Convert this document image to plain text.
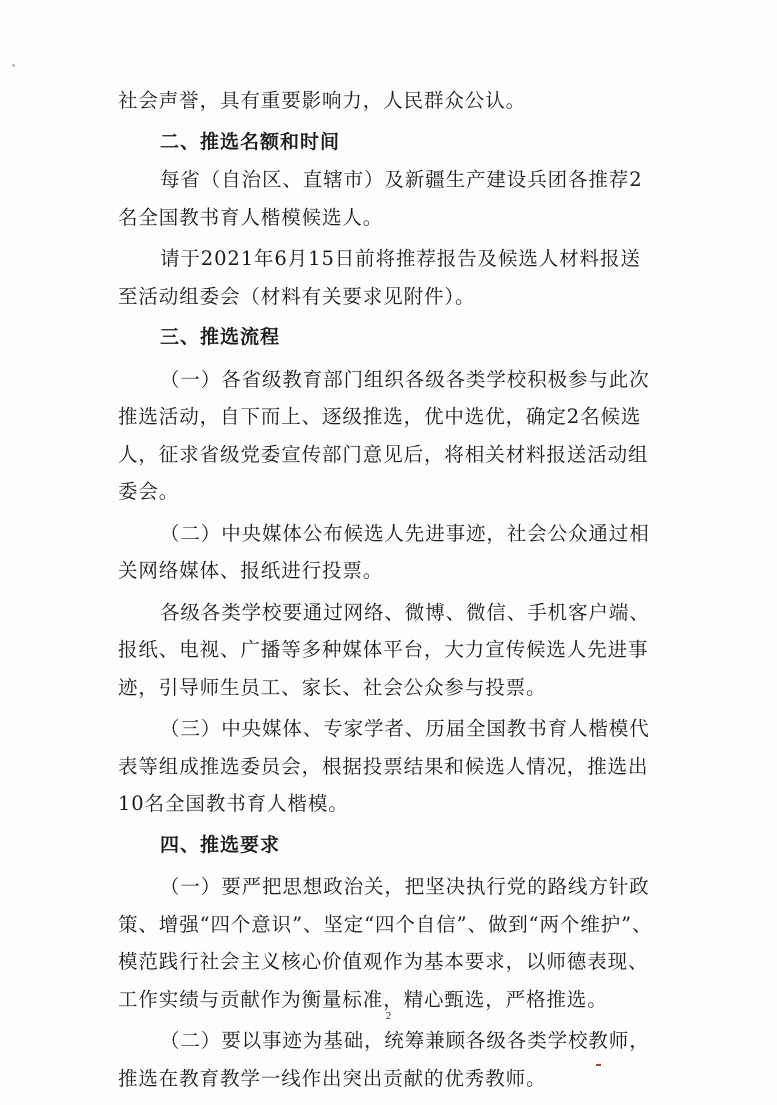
社会声誉，具有重要影响力，人民群众公认。
二、推选名额和时间
每省（自治区、直辖市）及新疆生产建设兵团各推荐2
名全国教书育人楷模候选人。
请于2021年6月15日前将推荐报告及候选人材料报送
至活动组委会（材料有关要求见附件）。
三、推选流程
（一）各省级教育部门组织各级各类学校积极参与此次
推选活动，自下而上、逐级推选，优中选优，确定2名候选
人，征求省级党委宣传部门意见后，将相关材料报送活动组
委会。
（二）中央媒体公布候选人先进事迹，社会公众通过相
关网络媒体、报纸进行投票。
各级各类学校要通过网络、微博、微信、手机客户端、
报纸、电视、广播等多种媒体平台，大力宣传候选人先进事
迹，引导师生员工、家长、社会公众参与投票。
（三）中央媒体、专家学者、历届全国教书育人楷模代
表等组成推选委员会，根据投票结果和候选人情况，推选出
10名全国教书育人楷模。
四、推选要求
（一）要严把思想政治关，把坚决执行党的路线方针政
策、增强“四个意识”、坚定“四个自信”、做到“两个维护”、
模范践行社会主义核心价值观作为基本要求，以师德表现、
工作实绩与贡献作为衡量标准，精心甄选，严格推选。
（二）要以事迹为基础，统筹兼顾各级各类学校教师，
推选在教育教学一线作出突出贡献的优秀教师。
2
